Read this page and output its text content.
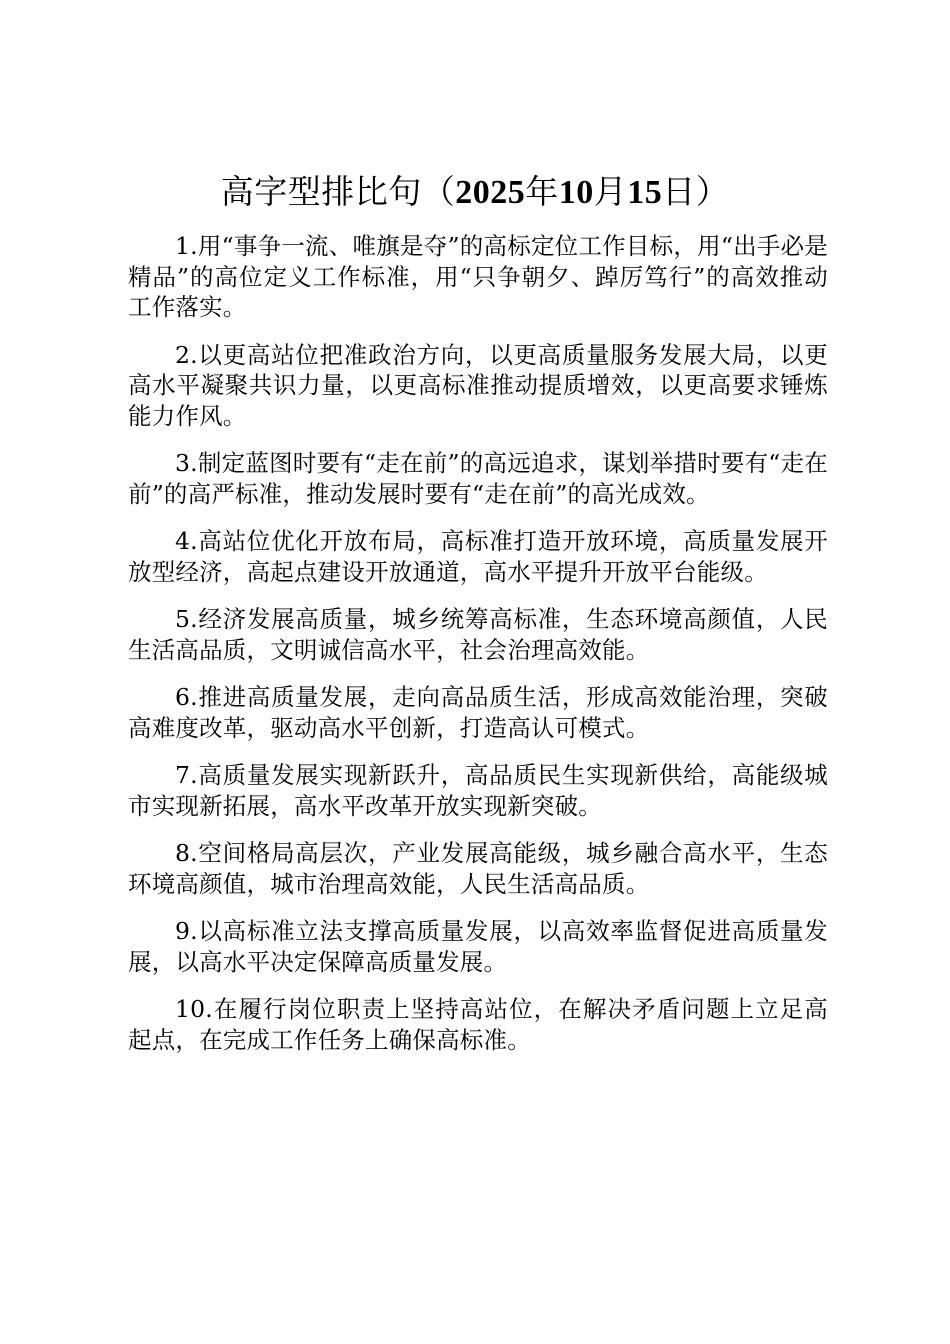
高字型排比句（2025年10月15日）

1.用“事争一流、唯旗是夺”的高标定位工作目标，用“出手必是精品”的高位定义工作标准，用“只争朝夕、踔厉笃行”的高效推动工作落实。

2.以更高站位把准政治方向，以更高质量服务发展大局，以更高水平凝聚共识力量，以更高标准推动提质增效，以更高要求锤炼能力作风。

3.制定蓝图时要有“走在前”的高远追求，谋划举措时要有“走在前”的高严标准，推动发展时要有“走在前”的高光成效。

4.高站位优化开放布局，高标准打造开放环境，高质量发展开放型经济，高起点建设开放通道，高水平提升开放平台能级。

5.经济发展高质量，城乡统筹高标准，生态环境高颜值，人民生活高品质，文明诚信高水平，社会治理高效能。

6.推进高质量发展，走向高品质生活，形成高效能治理，突破高难度改革，驱动高水平创新，打造高认可模式。

7.高质量发展实现新跃升，高品质民生实现新供给，高能级城市实现新拓展，高水平改革开放实现新突破。

8.空间格局高层次，产业发展高能级，城乡融合高水平，生态环境高颜值，城市治理高效能，人民生活高品质。

9.以高标准立法支撑高质量发展，以高效率监督促进高质量发展，以高水平决定保障高质量发展。

10.在履行岗位职责上坚持高站位，在解决矛盾问题上立足高起点，在完成工作任务上确保高标准。
